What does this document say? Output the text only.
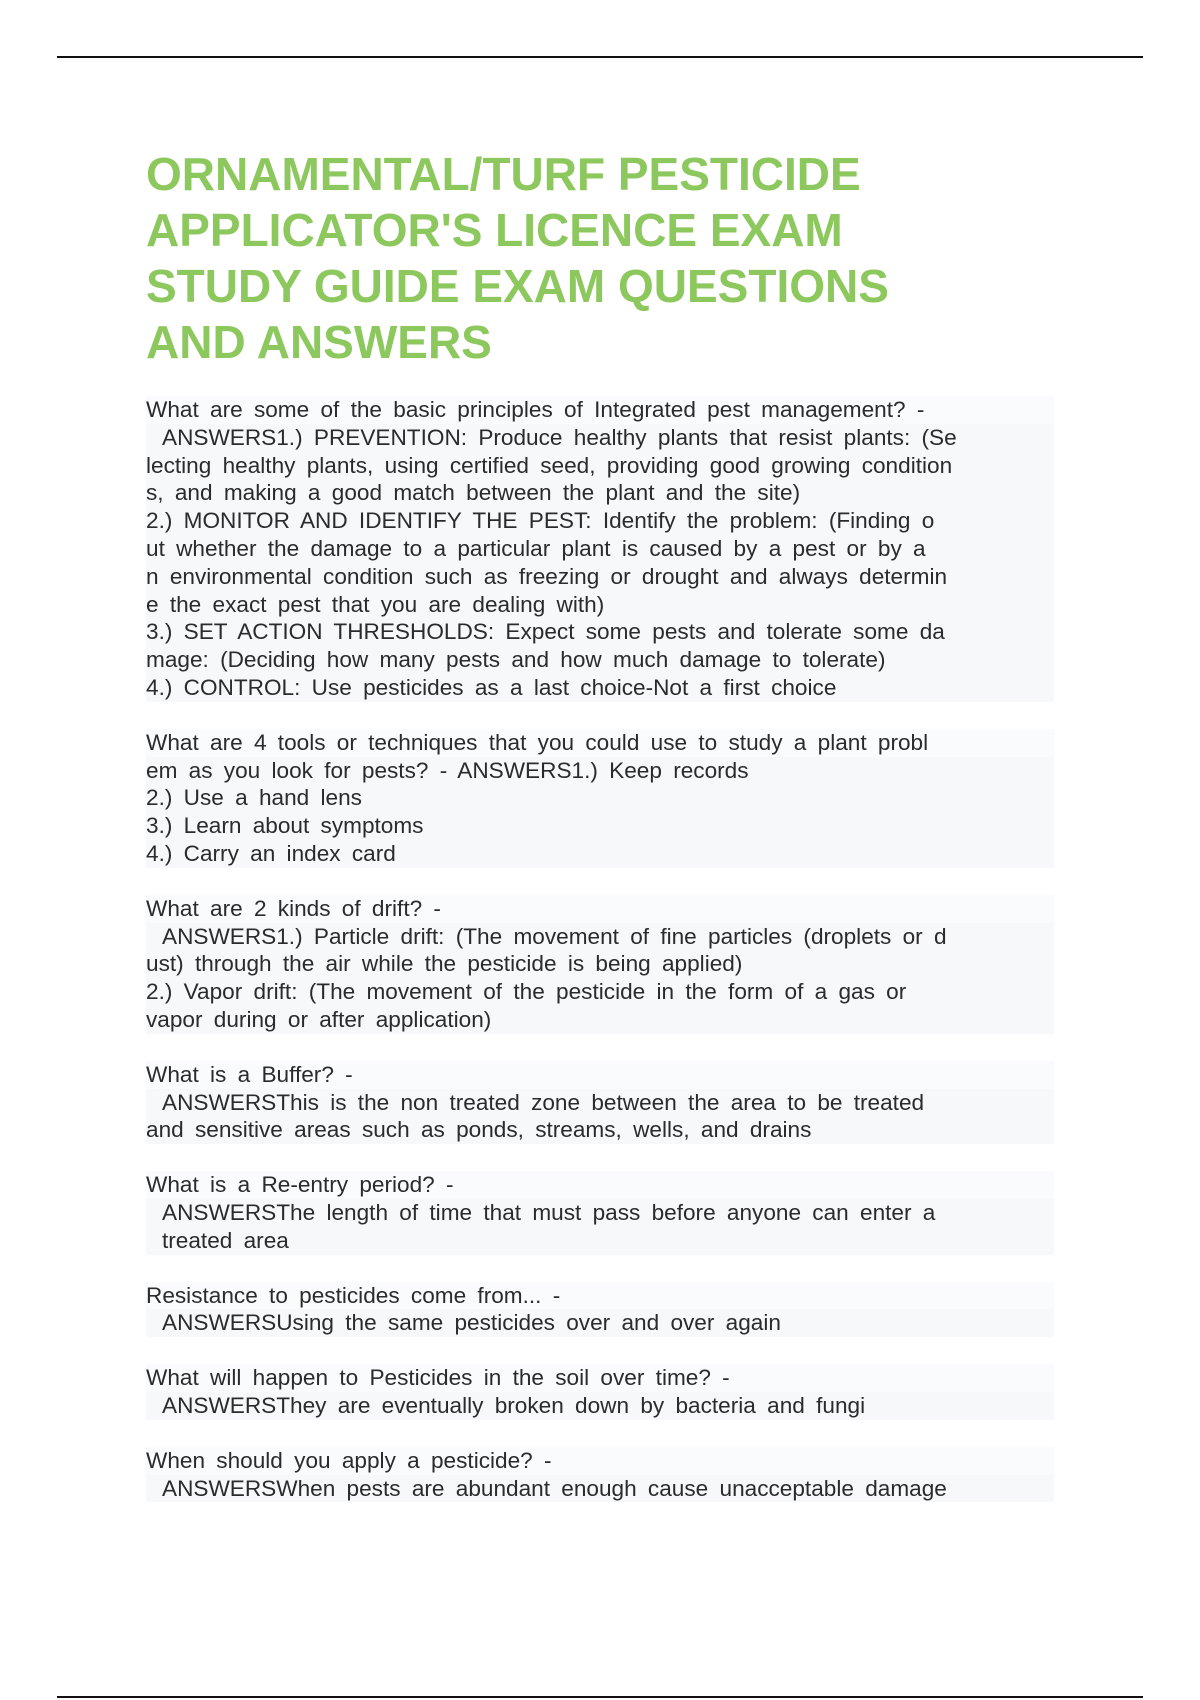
ORNAMENTAL/TURF PESTICIDE
APPLICATOR'S LICENCE EXAM
STUDY GUIDE EXAM QUESTIONS
AND ANSWERS
What are some of the basic principles of Integrated pest management? -
ANSWERS1.) PREVENTION: Produce healthy plants that resist plants: (Se
lecting healthy plants, using certified seed, providing good growing condition
s, and making a good match between the plant and the site)
2.) MONITOR AND IDENTIFY THE PEST: Identify the problem: (Finding o
ut whether the damage to a particular plant is caused by a pest or by a
n environmental condition such as freezing or drought and always determin
e the exact pest that you are dealing with)
3.) SET ACTION THRESHOLDS: Expect some pests and tolerate some da
mage: (Deciding how many pests and how much damage to tolerate)
4.) CONTROL: Use pesticides as a last choice-Not a first choice
What are 4 tools or techniques that you could use to study a plant probl
em as you look for pests? - ANSWERS1.) Keep records
2.) Use a hand lens
3.) Learn about symptoms
4.) Carry an index card
What are 2 kinds of drift? -
ANSWERS1.) Particle drift: (The movement of fine particles (droplets or d
ust) through the air while the pesticide is being applied)
2.) Vapor drift: (The movement of the pesticide in the form of a gas or
vapor during or after application)
What is a Buffer? -
ANSWERSThis is the non treated zone between the area to be treated
and sensitive areas such as ponds, streams, wells, and drains
What is a Re-entry period? -
ANSWERSThe length of time that must pass before anyone can enter a
treated area
Resistance to pesticides come from... -
ANSWERSUsing the same pesticides over and over again
What will happen to Pesticides in the soil over time? -
ANSWERSThey are eventually broken down by bacteria and fungi
When should you apply a pesticide? -
ANSWERSWhen pests are abundant enough cause unacceptable damage
